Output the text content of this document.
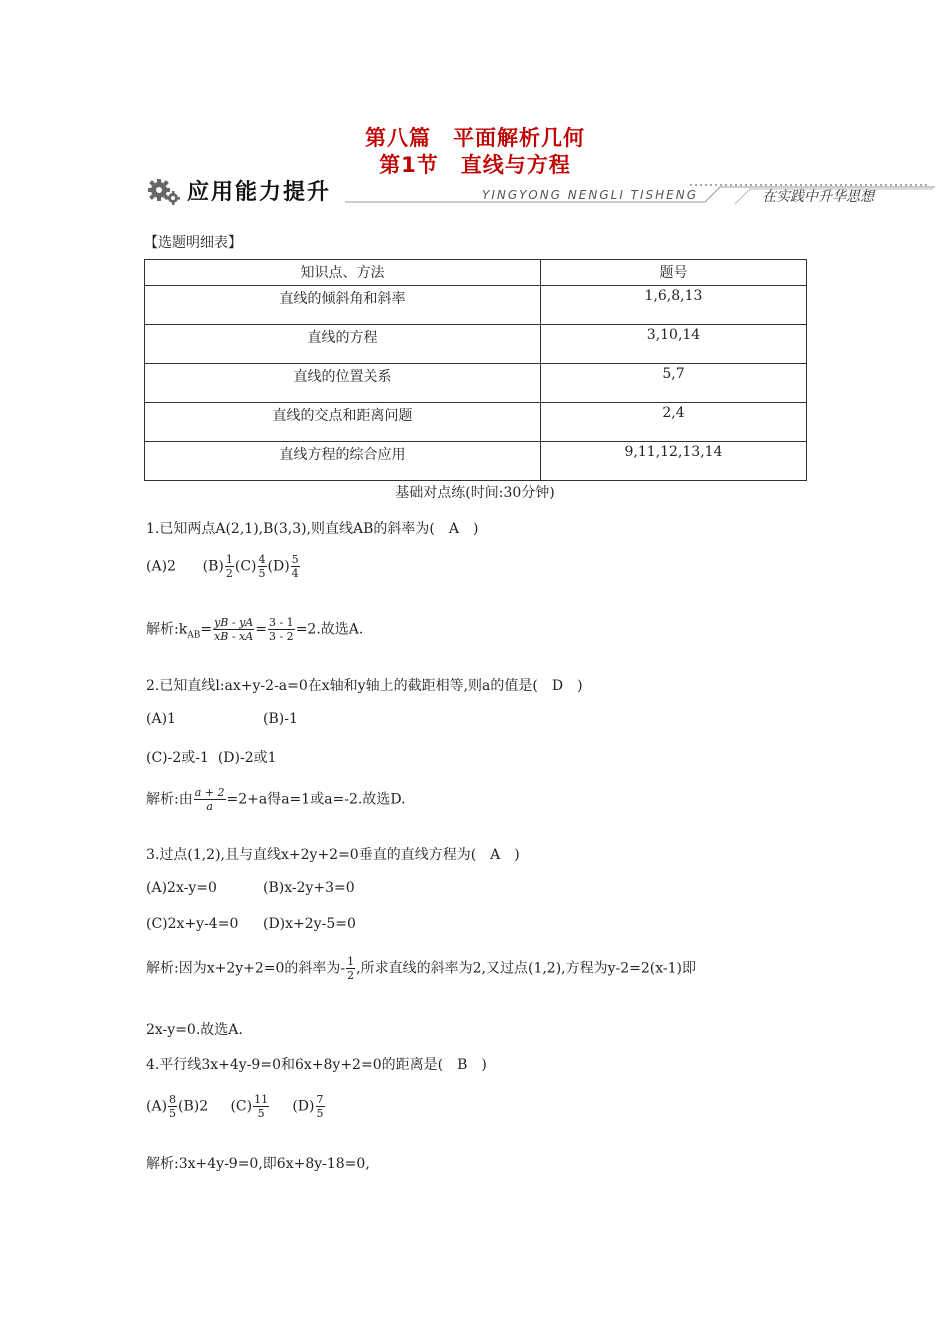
第八篇　平面解析几何
第1节　直线与方程
应用能力提升	YINGYONG NENGLI TISHENG	在实践中升华思想
【选题明细表】
知识点、方法	题号
直线的倾斜角和斜率	1,6,8,13
直线的方程	3,10,14
直线的位置关系	5,7
直线的交点和距离问题	2,4
直线方程的综合应用	9,11,12,13,14
基础对点练(时间:30分钟)
1.已知两点A(2,1),B(3,3),则直线AB的斜率为(　A　)
(A)2 $(B) \frac{1}{2} (C) \frac{4}{5} (D) \frac{5}{4}$
解析$:k_{AB}= \frac{yB - yA}{xB - xA} = \frac{3 - 1}{3 - 2} =2$.故选A.
2.已知直线l:ax+y-2-a=0在x轴和y轴上的截距相等,则a的值是(　D　)
(A)1	(B)-1
(C)-2或-1 (D)-2或1
解析:由 $\frac{a + 2}{a} =2+a$得a=1或a=-2.故选D.
3.过点(1,2),且与直线x+2y+2=0垂直的直线方程为(　A　)
(A)2x-y=0	(B)x-2y+3=0
(C)2x+y-4=0 (D)x+2y-5=0
解析:因为x+2y+2=0的斜率为- $\frac{1}{2}$ ,所求直线的斜率为2,又过点(1,2),方程为y-2=2(x-1)即
2x-y=0.故选A.
4.平行线3x+4y-9=0和6x+8y+2=0的距离是(　B　)
$(A) \frac{8}{5} (B)2$ $(C) \frac{11}{5} (D) \frac{7}{5}$
解析:3x+4y-9=0,即6x+8y-18=0,
